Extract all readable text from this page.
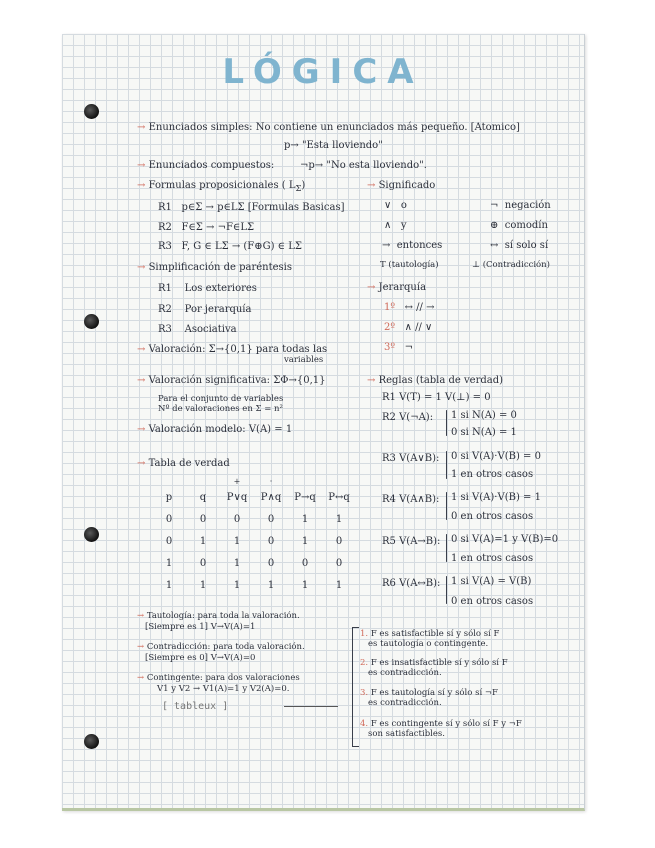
LÓGICA
→ Enunciados simples: No contiene un enunciados más pequeño. [Atomico]
p→ "Esta lloviendo"
→ Enunciados compuestos:	¬p→ "No esta lloviendo".
→ Formulas proposicionales ( $L_\Sigma$)
R1 p∈Σ → p∈LΣ [Formulas Basicas]
R2 F∈Σ → ¬F∈LΣ
R3 F, G ∈ LΣ → (F⊕G) ∈ LΣ
→ Simplificación de paréntesis
R1 Los exteriores
R2 Por jerarquía
R3 Asociativa
→ Valoración: Σ→{0,1} para todas las
variables
→ Valoración significativa: ΣΦ→{0,1}
Para el conjunto de variables
Nº de valoraciones en Σ = n²
→ Valoración modelo: V(A) = 1
→ Tabla de verdad
		+	·		
p	q	P∨q	P∧q	P→q	P↔q
0	0	0	0	1	1
0	1	1	0	1	0
1	0	1	0	0	0
1	1	1	1	1	1
→ Tautología: para toda la valoración.
[Siempre es 1] V→V(A)=1
→ Contradicción: para toda valoración.
[Siempre es 0] V→V(A)=0
→ Contingente: para dos valoraciones
V1 y V2 → V1(A)=1 y V2(A)=0.
[ tableux ]
→ Significado
∨ o	¬ negación
∧ y	⊕ comodín
→ entonces	↔ sí solo sí
T (tautología)	⊥ (Contradicción)
→ Jerarquía
1º ↔ // →
2º ∧ // ∨
3º ¬
→ Reglas (tabla de verdad)
R1 V(T) = 1 V(⊥) = 0
R2 V(¬A): 1 si N(A) = 0
0 si N(A) = 1
R3 V(A∨B): 0 si V(A)·V(B) = 0
1 en otros casos
R4 V(A∧B): 1 si V(A)·V(B) = 1
0 en otros casos
R5 V(A→B): 0 si V(A)=1 y V(B)=0
1 en otros casos
R6 V(A↔B): 1 si V(A) = V(B)
0 en otros casos
1. F es satisfactible sí y sólo sí F
es tautología o contingente.
2. F es insatisfactible sí y sólo sí F
es contradicción.
3. F es tautología sí y sólo sí ¬F
es contradicción.
4. F es contingente sí y sólo sí F y ¬F
son satisfactibles.
